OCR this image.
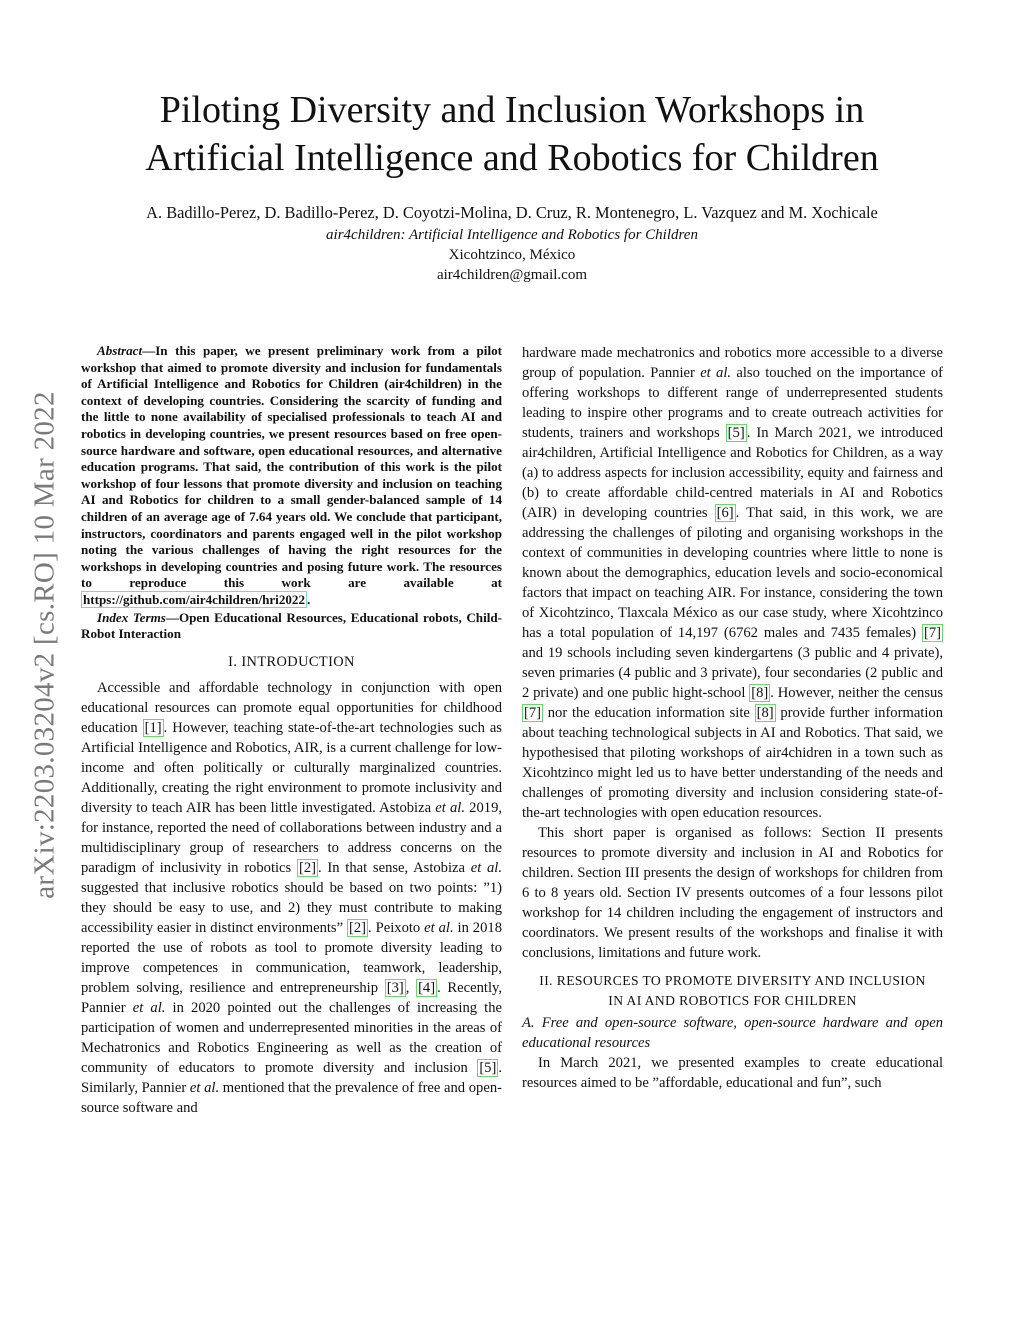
Piloting Diversity and Inclusion Workshops in
Artificial Intelligence and Robotics for Children
A. Badillo-Perez, D. Badillo-Perez, D. Coyotzi-Molina, D. Cruz, R. Montenegro, L. Vazquez and M. Xochicale
air4children: Artificial Intelligence and Robotics for Children
Xicohtzinco, México
air4children@gmail.com
arXiv:2203.03204v2 [cs.RO] 10 Mar 2022
Abstract—In this paper, we present preliminary work from a pilot workshop that aimed to promote diversity and inclusion for fundamentals of Artificial Intelligence and Robotics for Children (air4children) in the context of developing countries. Considering the scarcity of funding and the little to none availability of specialised professionals to teach AI and robotics in developing countries, we present resources based on free open-source hardware and software, open educational resources, and alternative education programs. That said, the contribution of this work is the pilot workshop of four lessons that promote diversity and inclusion on teaching AI and Robotics for children to a small gender-balanced sample of 14 children of an average age of 7.64 years old. We conclude that participant, instructors, coordinators and parents engaged well in the pilot workshop noting the various challenges of having the right resources for the workshops in developing countries and posing future work. The resources to reproduce this work are available at https://github.com/air4children/hri2022 .
Index Terms—Open Educational Resources, Educational robots, Child-Robot Interaction
I. INTRODUCTION

Accessible and affordable technology in conjunction with open educational resources can promote equal opportunities for childhood education [1] . However, teaching state-of-the-art technologies such as Artificial Intelligence and Robotics, AIR, is a current challenge for low-income and often politically or culturally marginalized countries. Additionally, creating the right environment to promote inclusivity and diversity to teach AIR has been little investigated. Astobiza et al. 2019, for instance, reported the need of collaborations between industry and a multidisciplinary group of researchers to address concerns on the paradigm of inclusivity in robotics [2] . In that sense, Astobiza et al. suggested that inclusive robotics should be based on two points: ”1) they should be easy to use, and 2) they must contribute to making accessibility easier in distinct environments” [2] . Peixoto et al. in 2018 reported the use of robots as tool to promote diversity leading to improve competences in communication, teamwork, leadership, problem solving, resilience and entrepreneurship [3] , [4] . Recently, Pannier et al. in 2020 pointed out the challenges of increasing the participation of women and underrepresented minorities in the areas of Mechatronics and Robotics Engineering as well as the creation of community of educators to promote diversity and inclusion [5] . Similarly, Pannier et al. mentioned that the prevalence of free and open-source software and

hardware made mechatronics and robotics more accessible to a diverse group of population. Pannier et al. also touched on the importance of offering workshops to different range of underrepresented students leading to inspire other programs and to create outreach activities for students, trainers and workshops [5] . In March 2021, we introduced air4children, Artificial Intelligence and Robotics for Children, as a way (a) to address aspects for inclusion accessibility, equity and fairness and (b) to create affordable child-centred materials in AI and Robotics (AIR) in developing countries [6] . That said, in this work, we are addressing the challenges of piloting and organising workshops in the context of communities in developing countries where little to none is known about the demographics, education levels and socio-economical factors that impact on teaching AIR. For instance, considering the town of Xicohtzinco, Tlaxcala México as our case study, where Xicohtzinco has a total population of 14,197 (6762 males and 7435 females) [7] and 19 schools including seven kindergartens (3 public and 4 private), seven primaries (4 public and 3 private), four secondaries (2 public and 2 private) and one public hight-school [8] . However, neither the census [7] nor the education information site [8] provide further information about teaching technological subjects in AI and Robotics. That said, we hypothesised that piloting workshops of air4chidren in a town such as Xicohtzinco might led us to have better understanding of the needs and challenges of promoting diversity and inclusion considering state-of-the-art technologies with open education resources.

This short paper is organised as follows: Section II presents resources to promote diversity and inclusion in AI and Robotics for children. Section III presents the design of workshops for children from 6 to 8 years old. Section IV presents outcomes of a four lessons pilot workshop for 14 children including the engagement of instructors and coordinators. We present results of the workshops and finalise it with conclusions, limitations and future work.

II. RESOURCES TO PROMOTE DIVERSITY AND INCLUSION
IN AI AND ROBOTICS FOR CHILDREN

A. Free and open-source software, open-source hardware and open educational resources

In March 2021, we presented examples to create educational resources aimed to be ”affordable, educational and fun”, such
